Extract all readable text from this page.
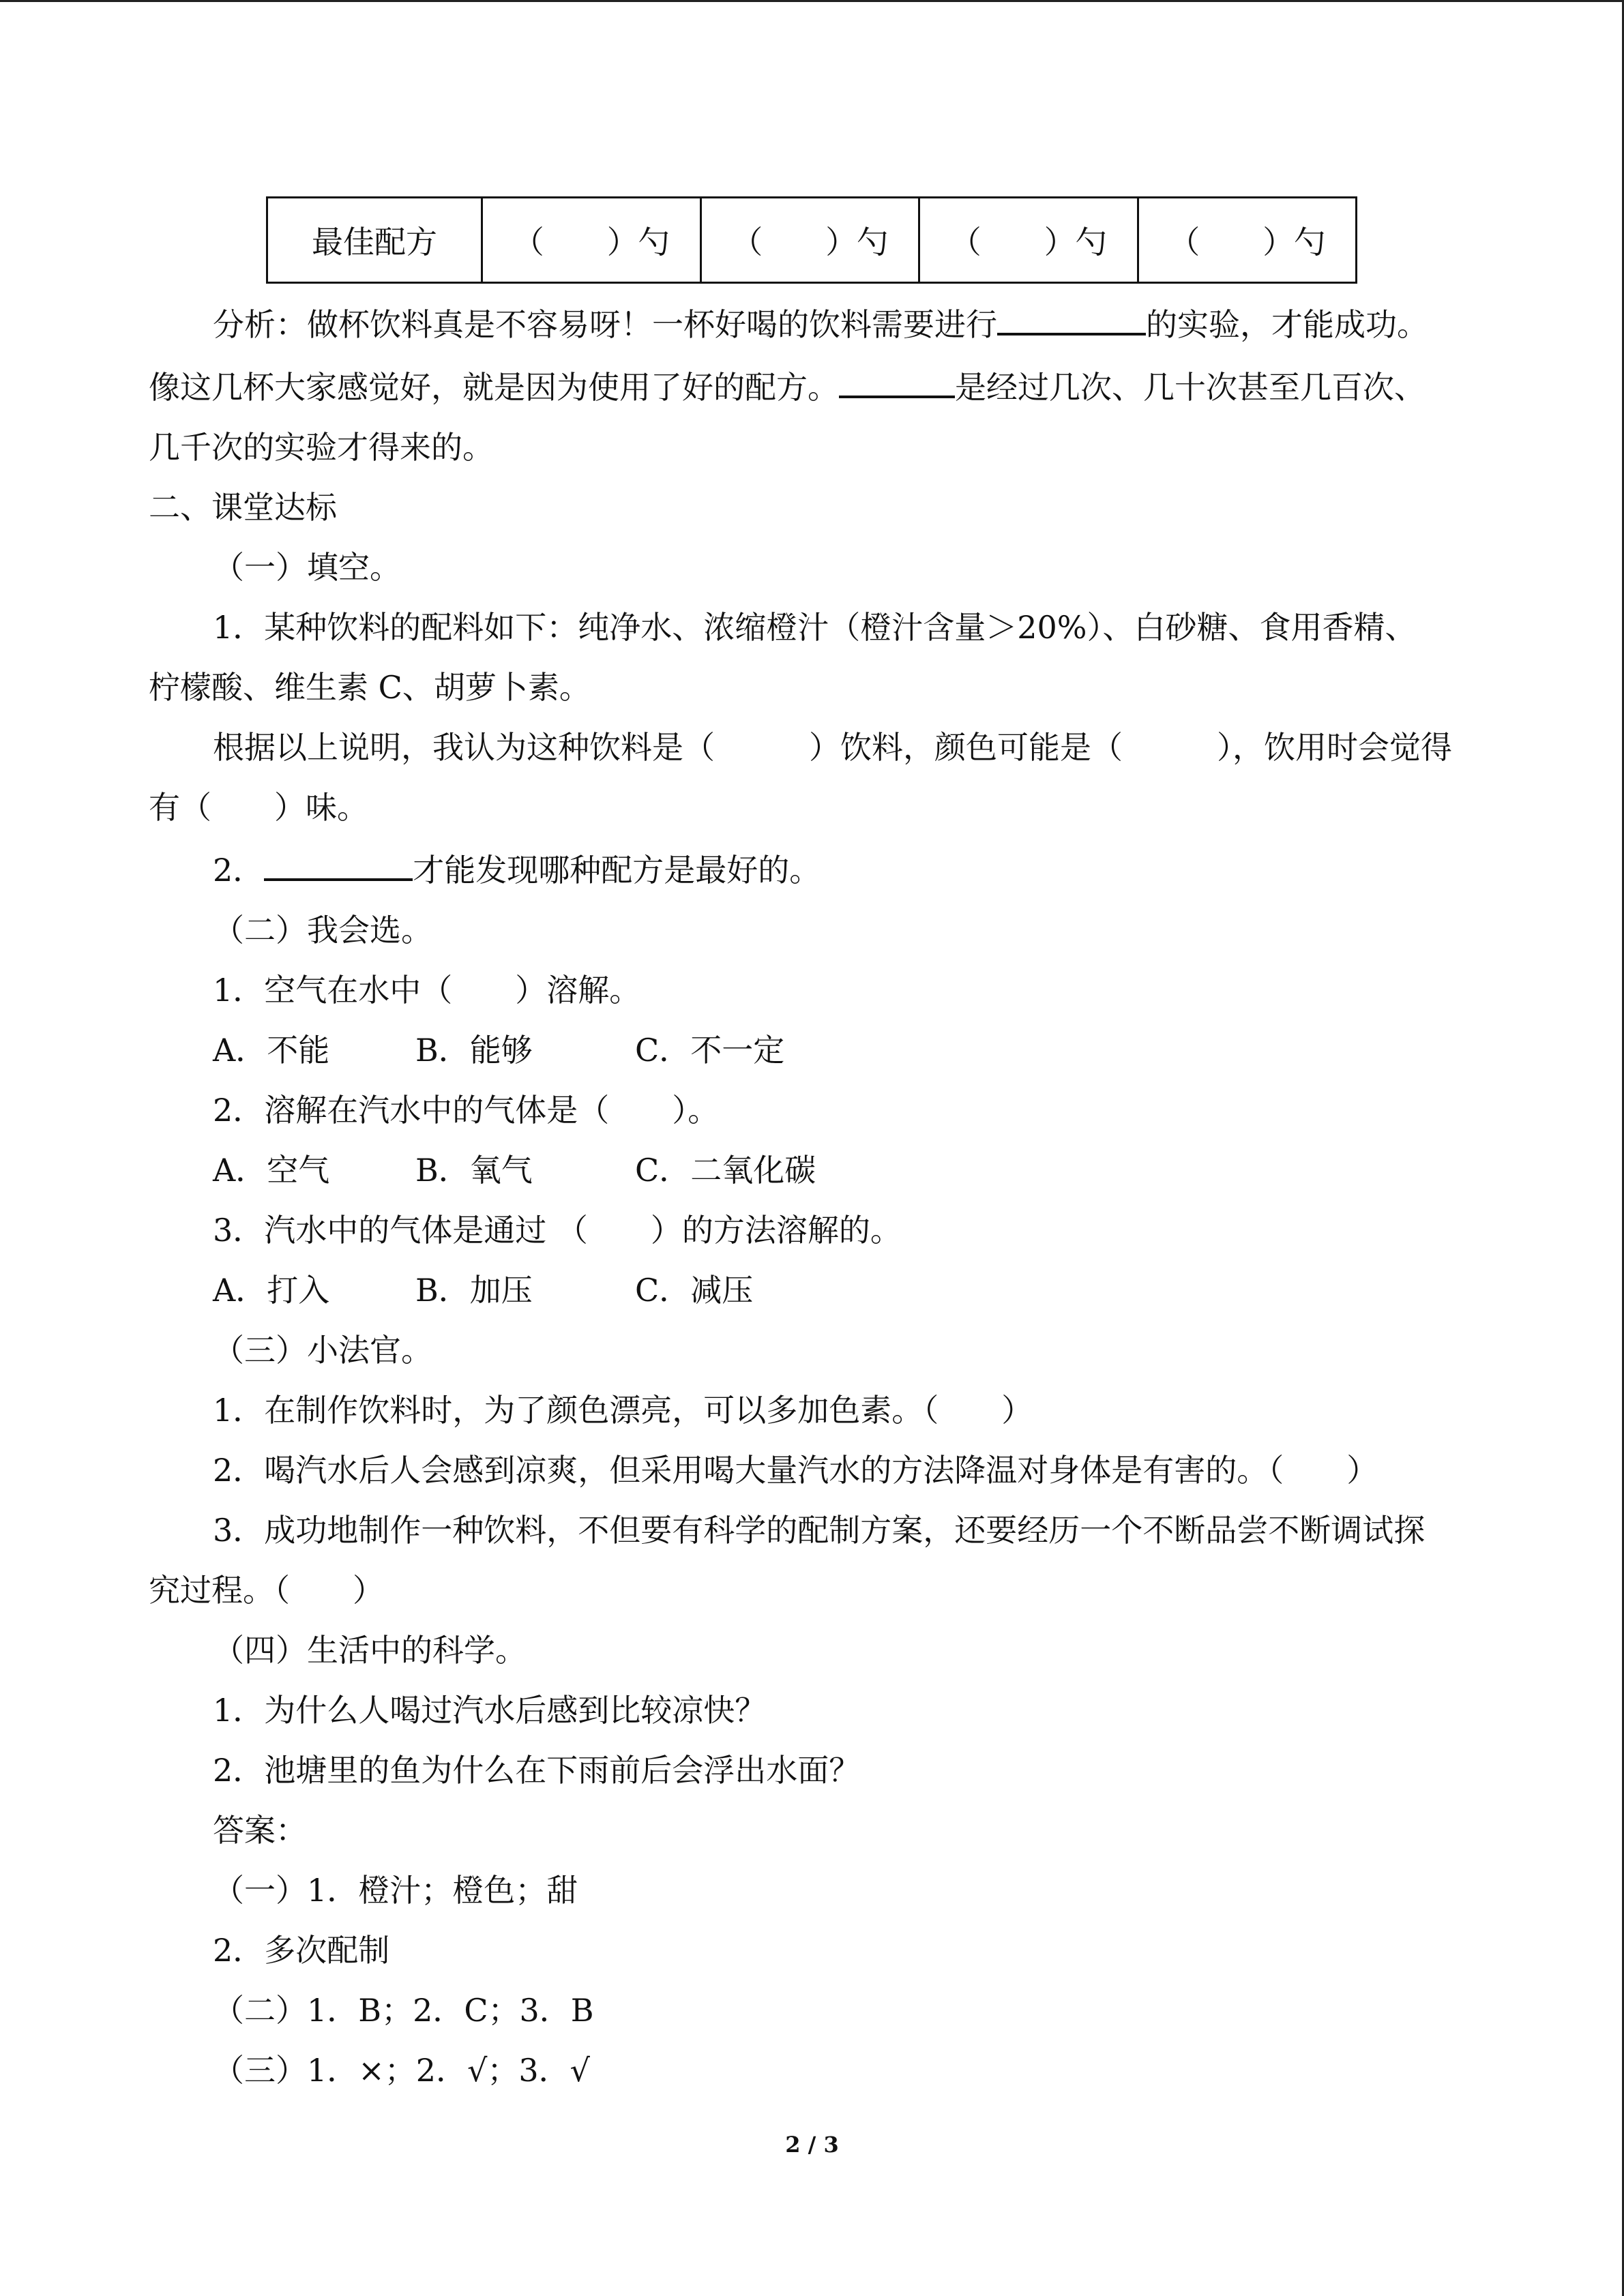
最佳配方	（　　）勺	（　　）勺	（　　）勺	（　　）勺

分析：做杯饮料真是不容易呀！一杯好喝的饮料需要进行	的实验，才能成功。

像这几杯大家感觉好，就是因为使用了好的配方。	是经过几次、几十次甚至几百次、

几千次的实验才得来的。

二、课堂达标

（一）填空。

1．某种饮料的配料如下：纯净水、浓缩橙汁（橙汁含量＞20%）、白砂糖、食用香精、

柠檬酸、维生素 C、胡萝卜素。

根据以上说明，我认为这种饮料是（　　　）饮料，颜色可能是（　　　），饮用时会觉得

有（　　）味。

2．	才能发现哪种配方是最好的。

（二）我会选。

1．空气在水中（　　）溶解。

A．不能	B．能够	C．不一定

2．溶解在汽水中的气体是（　　）。

A．空气	B．氧气	C．二氧化碳

3．汽水中的气体是通过 （　　）的方法溶解的。

A．打入	B．加压	C．减压

（三）小法官。

1．在制作饮料时，为了颜色漂亮，可以多加色素。（　　）

2．喝汽水后人会感到凉爽，但采用喝大量汽水的方法降温对身体是有害的。（　　）

3．成功地制作一种饮料，不但要有科学的配制方案，还要经历一个不断品尝不断调试探

究过程。（　　）

（四）生活中的科学。

1．为什么人喝过汽水后感到比较凉快？

2．池塘里的鱼为什么在下雨前后会浮出水面？

答案：

（一）1．橙汁；橙色；甜

2．多次配制

（二）1．B；2．C；3．B

（三）1．×；2．√；3．√

2 / 3
